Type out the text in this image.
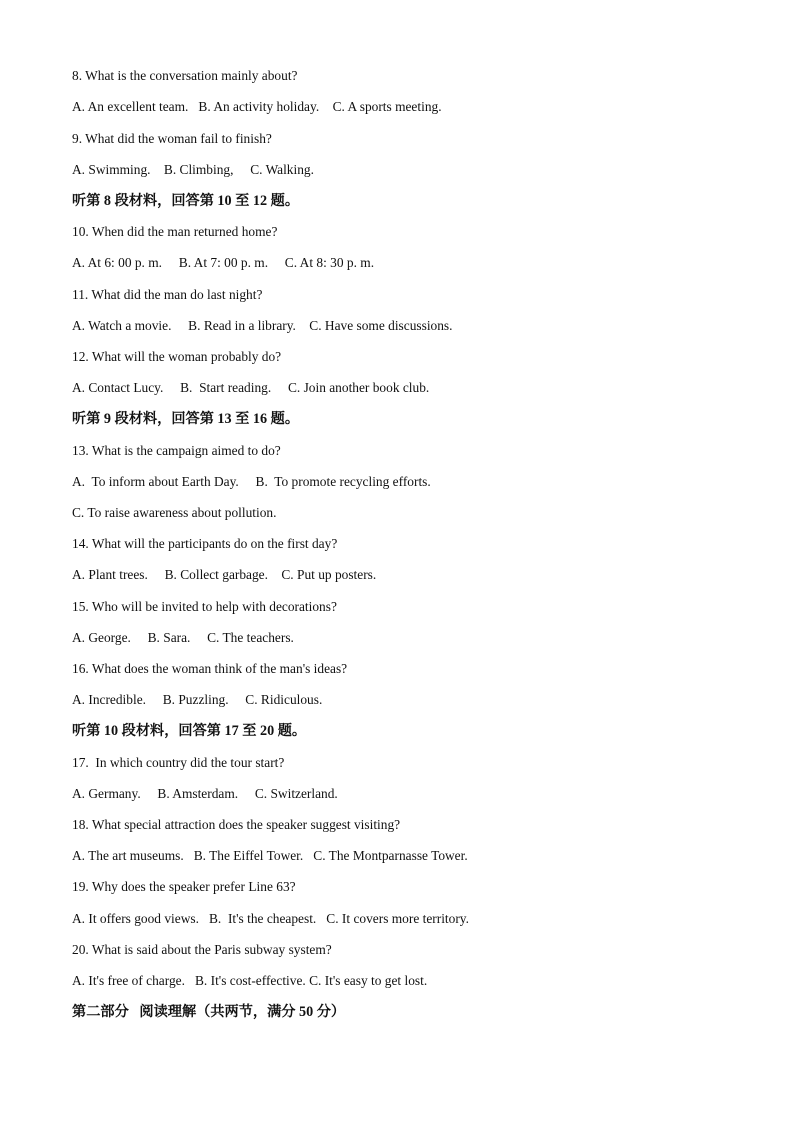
8. What is the conversation mainly about?
A. An excellent team.   B. An activity holiday.    C. A sports meeting.
9. What did the woman fail to finish?
A. Swimming.    B. Climbing,     C. Walking.
听第 8 段材料，回答第 10 至 12 题。
10. When did the man returned home?
A. At 6: 00 p. m.     B. At 7: 00 p. m.     C. At 8: 30 p. m.
11. What did the man do last night?
A. Watch a movie.     B. Read in a library.    C. Have some discussions.
12. What will the woman probably do?
A. Contact Lucy.     B.  Start reading.     C. Join another book club.
听第 9 段材料，回答第 13 至 16 题。
13. What is the campaign aimed to do?
A.  To inform about Earth Day.     B.  To promote recycling efforts.
C. To raise awareness about pollution.
14. What will the participants do on the first day?
A. Plant trees.     B. Collect garbage.    C. Put up posters.
15. Who will be invited to help with decorations?
A. George.     B. Sara.     C. The teachers.
16. What does the woman think of the man's ideas?
A. Incredible.     B. Puzzling.     C. Ridiculous.
听第 10 段材料，回答第 17 至 20 题。
17.  In which country did the tour start?
A. Germany.     B. Amsterdam.     C. Switzerland.
18. What special attraction does the speaker suggest visiting?
A. The art museums.   B. The Eiffel Tower.   C. The Montparnasse Tower.
19. Why does the speaker prefer Line 63?
A. It offers good views.   B.  It's the cheapest.   C. It covers more territory.
20. What is said about the Paris subway system?
A. It's free of charge.   B. It's cost-effective. C. It's easy to get lost.
第二部分   阅读理解（共两节，满分 50 分）
